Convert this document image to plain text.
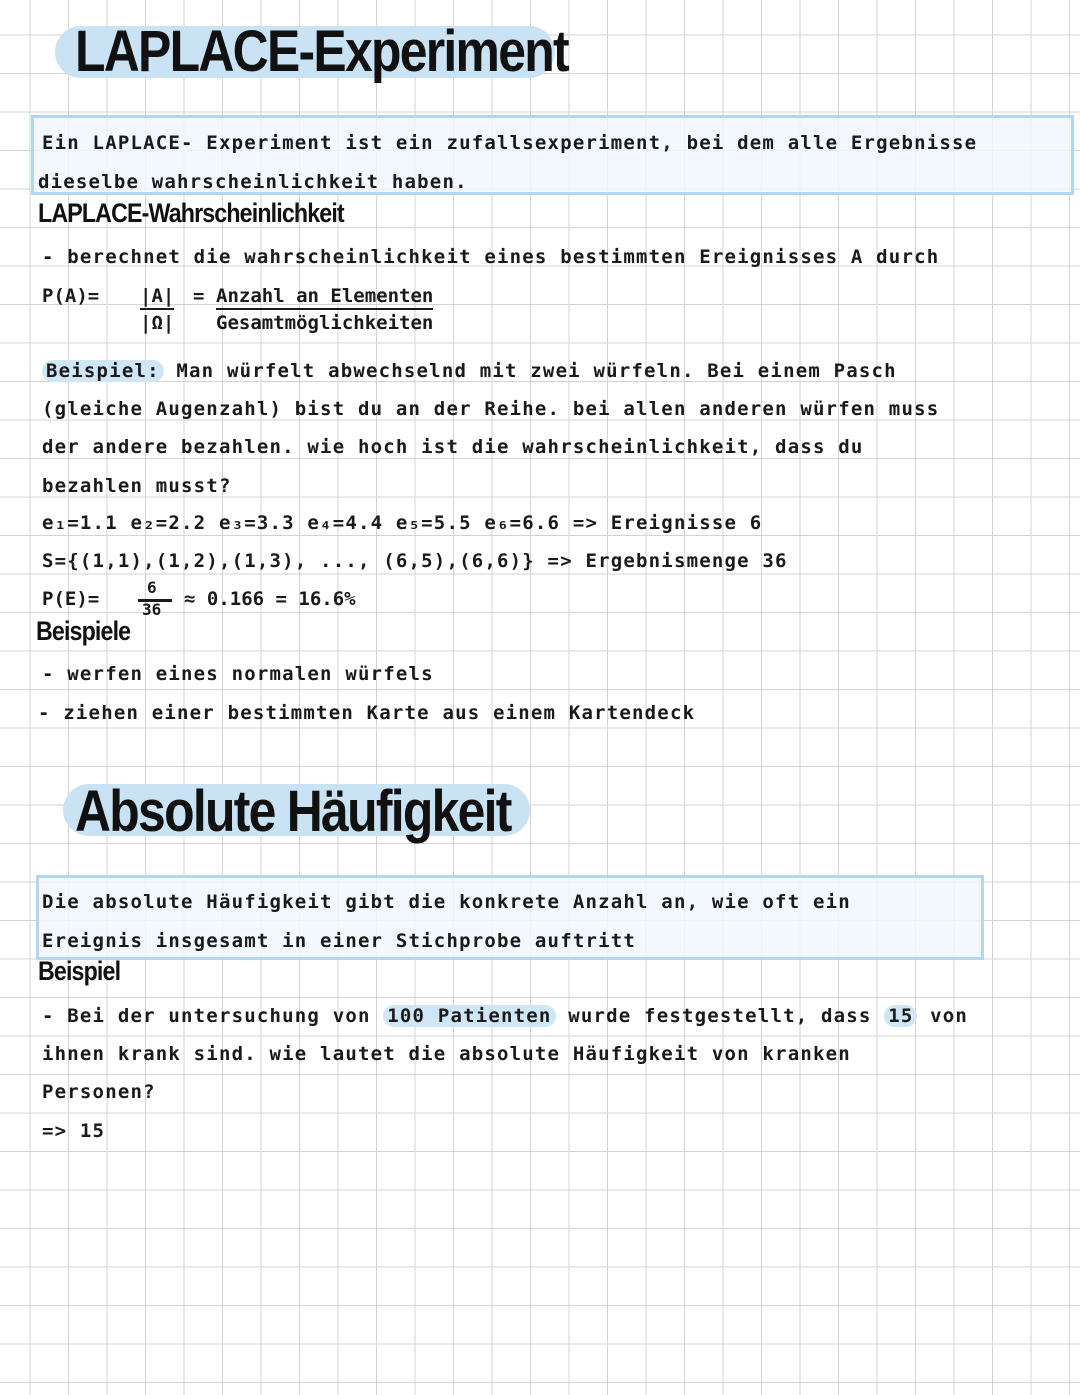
LAPLACE-Experiment

Ein LAPLACE- Experiment ist ein zufallsexperiment, bei dem alle Ergebnisse

dieselbe wahrscheinlichkeit haben.

LAPLACE-Wahrscheinlichkeit

- berechnet die wahrscheinlichkeit eines bestimmten Ereignisses A durch

P(A)= |A| =
|Ω|
Anzahl an Elementen
Gesamtmöglichkeiten

Beispiel: Man würfelt abwechselnd mit zwei würfeln. Bei einem Pasch

(gleiche Augenzahl) bist du an der Reihe. bei allen anderen würfen muss

der andere bezahlen. wie hoch ist die wahrscheinlichkeit, dass du

bezahlen musst?

e₁=1.1 e₂=2.2 e₃=3.3 e₄=4.4 e₅=5.5 e₆=6.6 => Ereignisse 6

S={(1,1),(1,2),(1,3), ..., (6,5),(6,6)} => Ergebnismenge 36

P(E)=
6
36 ≈ 0.166 = 16.6%

Beispiele

- werfen eines normalen würfels

- ziehen einer bestimmten Karte aus einem Kartendeck

Absolute Häufigkeit

Die absolute Häufigkeit gibt die konkrete Anzahl an, wie oft ein

Ereignis insgesamt in einer Stichprobe auftritt

Beispiel

- Bei der untersuchung von 100 Patienten wurde festgestellt, dass 15 von

ihnen krank sind. wie lautet die absolute Häufigkeit von kranken

Personen?

=> 15
